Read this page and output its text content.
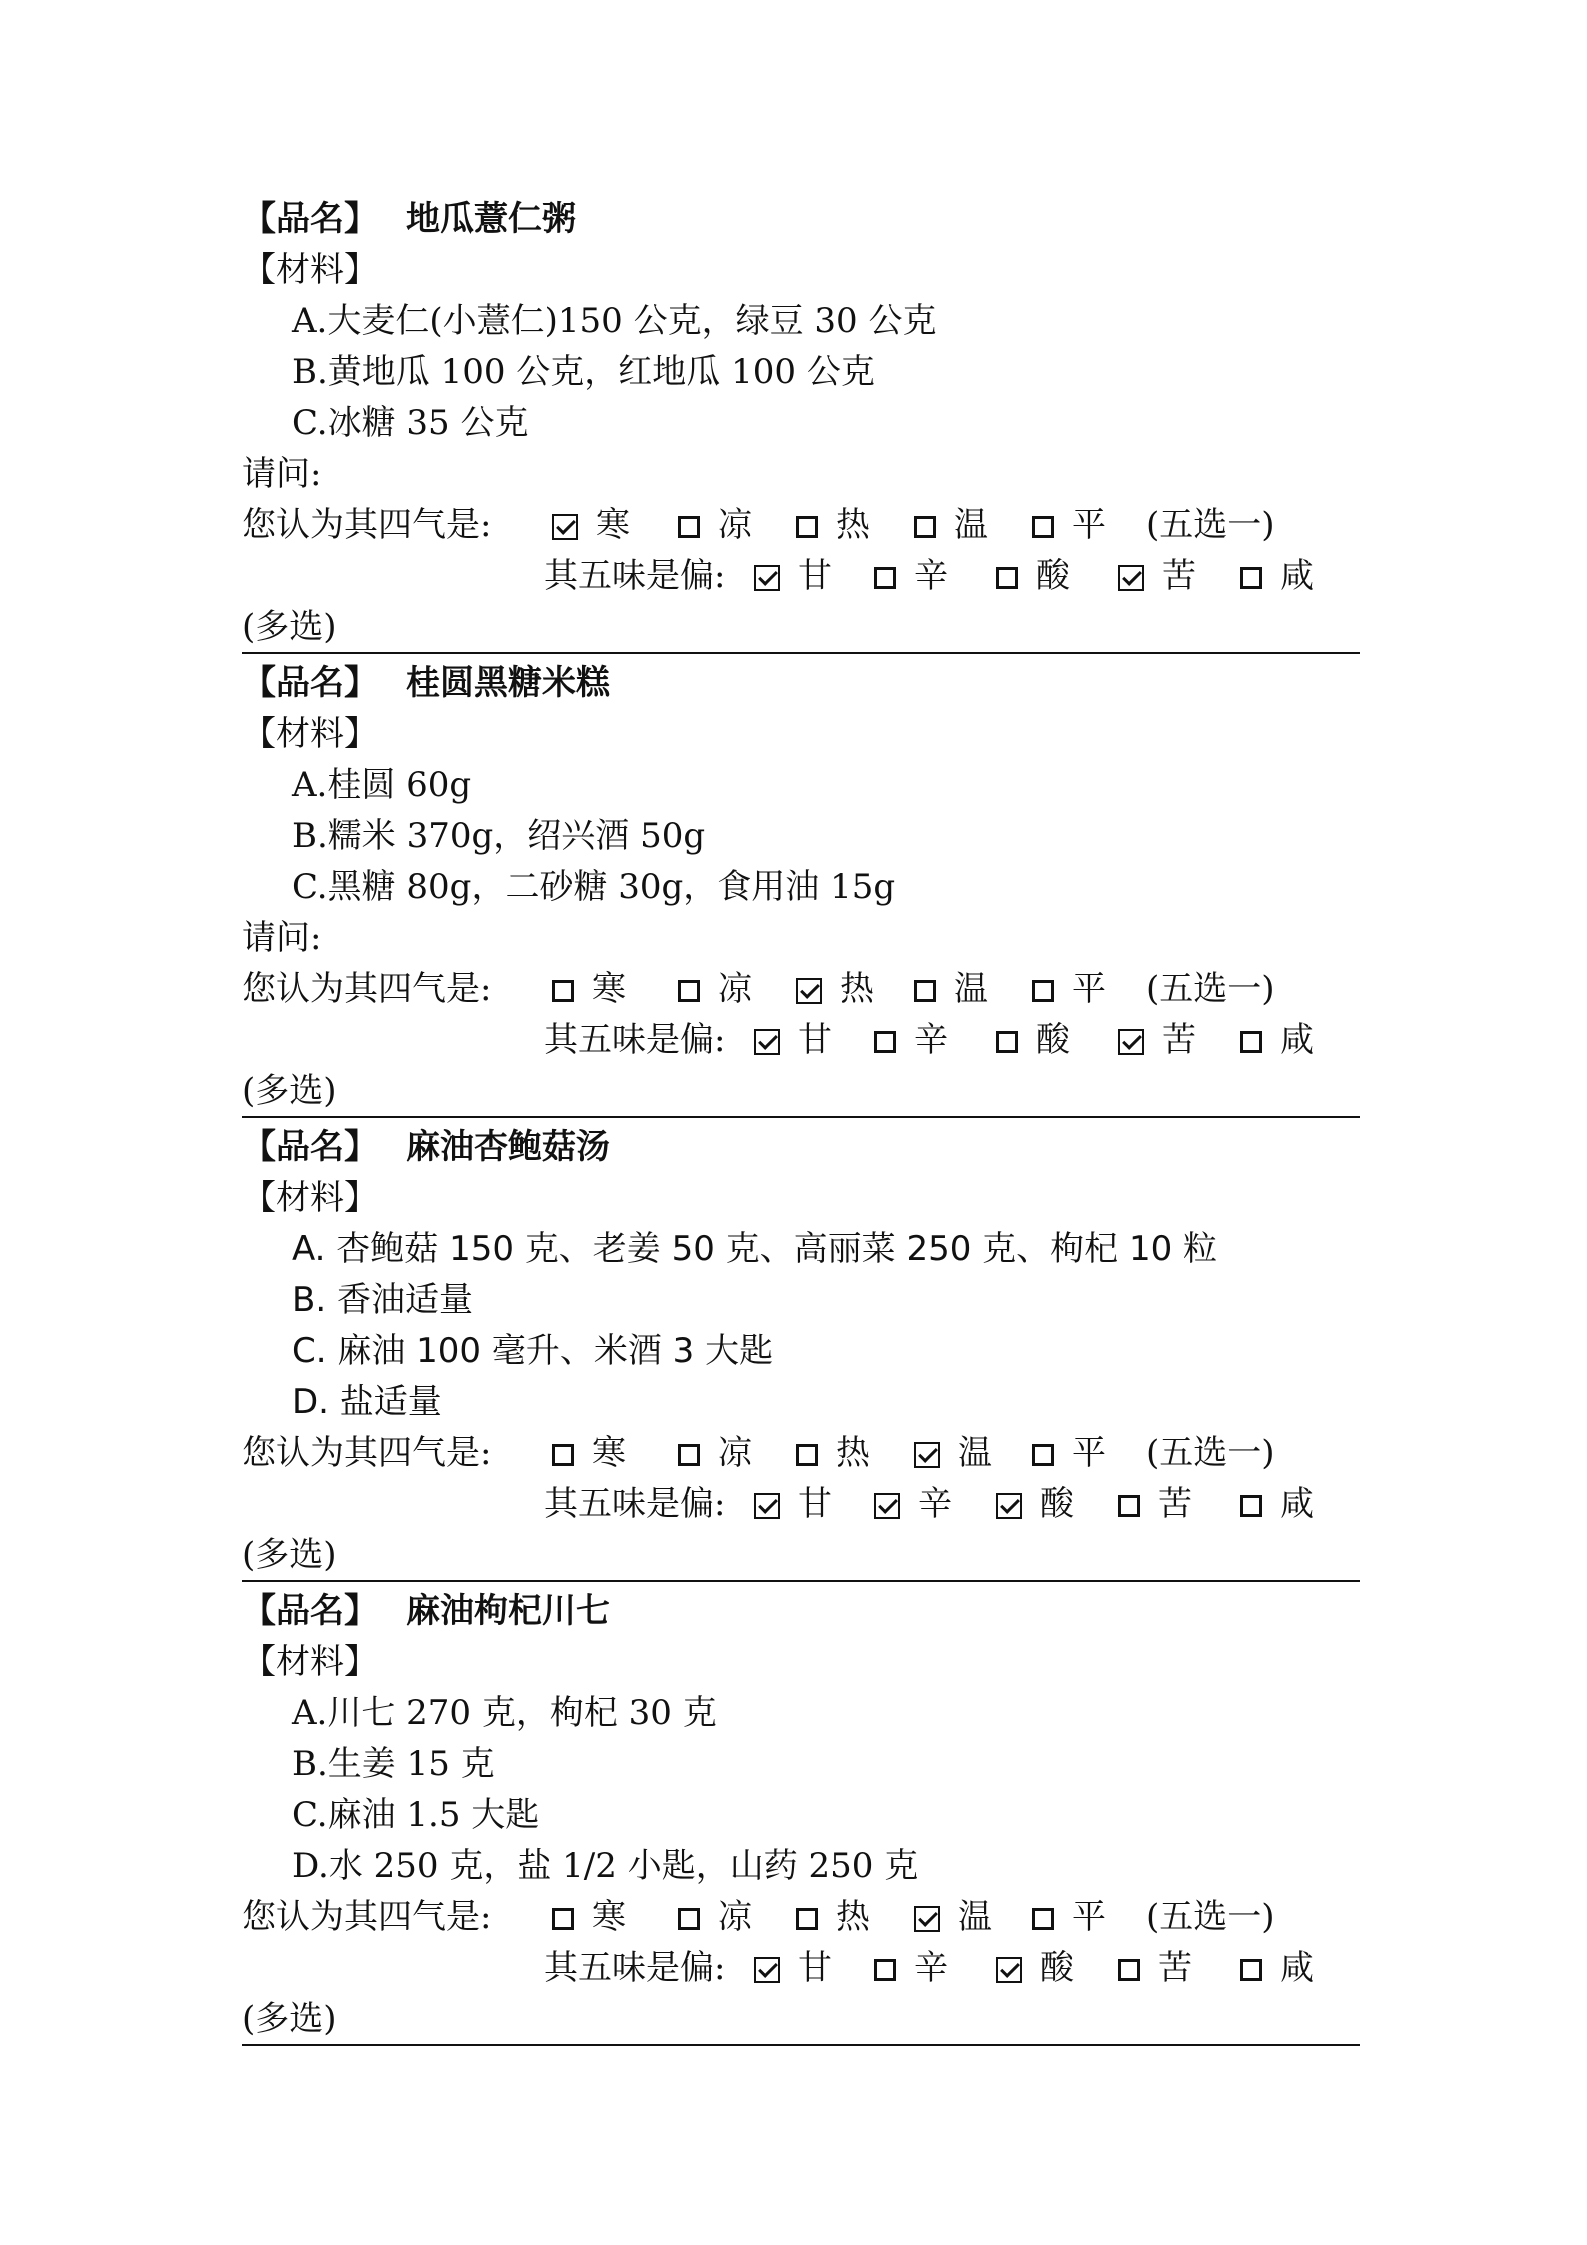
【品名】 地瓜薏仁粥
【材料】
A.大麦仁(小薏仁)150 公克，绿豆 30 公克
B.黄地瓜 100 公克，红地瓜 100 公克
C.冰糖 35 公克
请问:
您认为其四气是:	寒	凉 热 温 平 (五选一)
其五味是偏: 甘 辛	酸	苦 咸
(多选)
【品名】 桂圆黑糖米糕
【材料】
A.桂圆 60g
B.糯米 370g，绍兴酒 50g
C.黑糖 80g，二砂糖 30g，食用油 15g
请问:
您认为其四气是:	寒	凉	热 温 平 (五选一)
其五味是偏: 甘 辛	酸	苦 咸
(多选)
【品名】 麻油杏鲍菇汤
【材料】
A. 杏鲍菇 150 克、老姜 50 克、高丽菜 250 克、枸杞 10 粒
B. 香油适量
C. 麻油 100 毫升、米酒 3 大匙
D. 盐适量
您认为其四气是:	寒	凉 热	温 平 (五选一)
其五味是偏: 甘	辛	酸 苦	咸
(多选)
【品名】 麻油枸杞川七
【材料】
A.川七 270 克，枸杞 30 克
B.生姜 15 克
C.麻油 1.5 大匙
D.水 250 克，盐 1/2 小匙，山药 250 克
您认为其四气是:	寒	凉 热	温 平 (五选一)
其五味是偏: 甘 辛	酸 苦	咸
(多选)
